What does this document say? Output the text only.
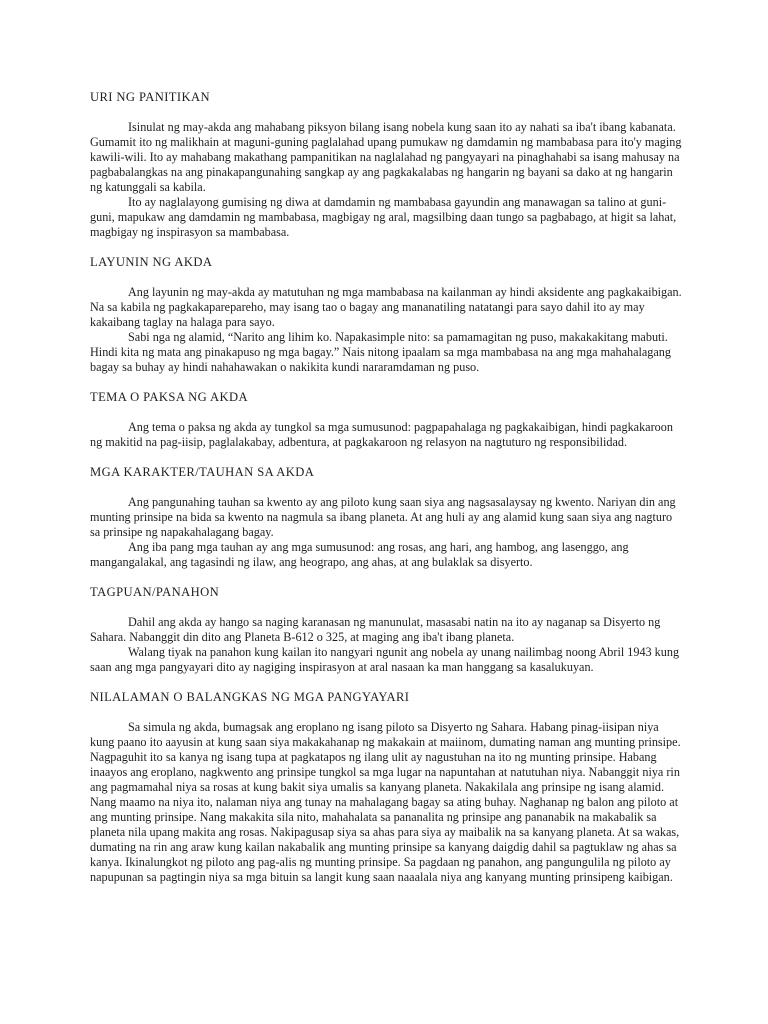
URI NG PANITIKAN

Isinulat ng may-akda ang mahabang piksyon bilang isang nobela kung saan ito ay nahati sa iba't ibang kabanata. Gumamit ito ng malikhain at maguni-guning paglalahad upang pumukaw ng damdamin ng mambabasa para ito'y maging kawili-wili. Ito ay mahabang makathang pampanitikan na naglalahad ng pangyayari na pinaghahabi sa isang mahusay na pagbabalangkas na ang pinakapangunahing sangkap ay ang pagkakalabas ng hangarin ng bayani sa dako at ng hangarin ng katunggali sa kabila.

Ito ay naglalayong gumising ng diwa at damdamin ng mambabasa gayundin ang manawagan sa talino at guni-guni, mapukaw ang damdamin ng mambabasa, magbigay ng aral, magsilbing daan tungo sa pagbabago, at higit sa lahat, magbigay ng inspirasyon sa mambabasa.

LAYUNIN NG AKDA

Ang layunin ng may-akda ay matutuhan ng mga mambabasa na kailanman ay hindi aksidente ang pagkakaibigan. Na sa kabila ng pagkakaparepareho, may isang tao o bagay ang mananatiling natatangi para sayo dahil ito ay may kakaibang taglay na halaga para sayo.

Sabi nga ng alamid, “Narito ang lihim ko. Napakasimple nito: sa pamamagitan ng puso, makakakitang mabuti. Hindi kita ng mata ang pinakapuso ng mga bagay.” Nais nitong ipaalam sa mga mambabasa na ang mga mahahalagang bagay sa buhay ay hindi nahahawakan o nakikita kundi nararamdaman ng puso.

TEMA O PAKSA NG AKDA

Ang tema o paksa ng akda ay tungkol sa mga sumusunod: pagpapahalaga ng pagkakaibigan, hindi pagkakaroon ng makitid na pag-iisip, paglalakabay, adbentura, at pagkakaroon ng relasyon na nagtuturo ng responsibilidad.

MGA KARAKTER/TAUHAN SA AKDA

Ang pangunahing tauhan sa kwento ay ang piloto kung saan siya ang nagsasalaysay ng kwento. Nariyan din ang munting prinsipe na bida sa kwento na nagmula sa ibang planeta. At ang huli ay ang alamid kung saan siya ang nagturo sa prinsipe ng napakahalagang bagay.

Ang iba pang mga tauhan ay ang mga sumusunod: ang rosas, ang hari, ang hambog, ang lasenggo, ang mangangalakal, ang tagasindi ng ilaw, ang heograpo, ang ahas, at ang bulaklak sa disyerto.

TAGPUAN/PANAHON

Dahil ang akda ay hango sa naging karanasan ng manunulat, masasabi natin na ito ay naganap sa Disyerto ng Sahara. Nabanggit din dito ang Planeta B-612 o 325, at maging ang iba't ibang planeta.

Walang tiyak na panahon kung kailan ito nangyari ngunit ang nobela ay unang nailimbag noong Abril 1943 kung saan ang mga pangyayari dito ay nagiging inspirasyon at aral nasaan ka man hanggang sa kasalukuyan.

NILALAMAN O BALANGKAS NG MGA PANGYAYARI

Sa simula ng akda, bumagsak ang eroplano ng isang piloto sa Disyerto ng Sahara. Habang pinag-iisipan niya kung paano ito aayusin at kung saan siya makakahanap ng makakain at maiinom, dumating naman ang munting prinsipe. Nagpaguhit ito sa kanya ng isang tupa at pagkatapos ng ilang ulit ay nagustuhan na ito ng munting prinsipe. Habang inaayos ang eroplano, nagkwento ang prinsipe tungkol sa mga lugar na napuntahan at natutuhan niya. Nabanggit niya rin ang pagmamahal niya sa rosas at kung bakit siya umalis sa kanyang planeta. Nakakilala ang prinsipe ng isang alamid. Nang maamo na niya ito, nalaman niya ang tunay na mahalagang bagay sa ating buhay. Naghanap ng balon ang piloto at ang munting prinsipe. Nang makakita sila nito, mahahalata sa pananalita ng prinsipe ang pananabik na makabalik sa planeta nila upang makita ang rosas. Nakipagusap siya sa ahas para siya ay maibalik na sa kanyang planeta. At sa wakas, dumating na rin ang araw kung kailan nakabalik ang munting prinsipe sa kanyang daigdig dahil sa pagtuklaw ng ahas sa kanya. Ikinalungkot ng piloto ang pag-alis ng munting prinsipe. Sa pagdaan ng panahon, ang pangungulila ng piloto ay napupunan sa pagtingin niya sa mga bituin sa langit kung saan naaalala niya ang kanyang munting prinsipeng kaibigan.
